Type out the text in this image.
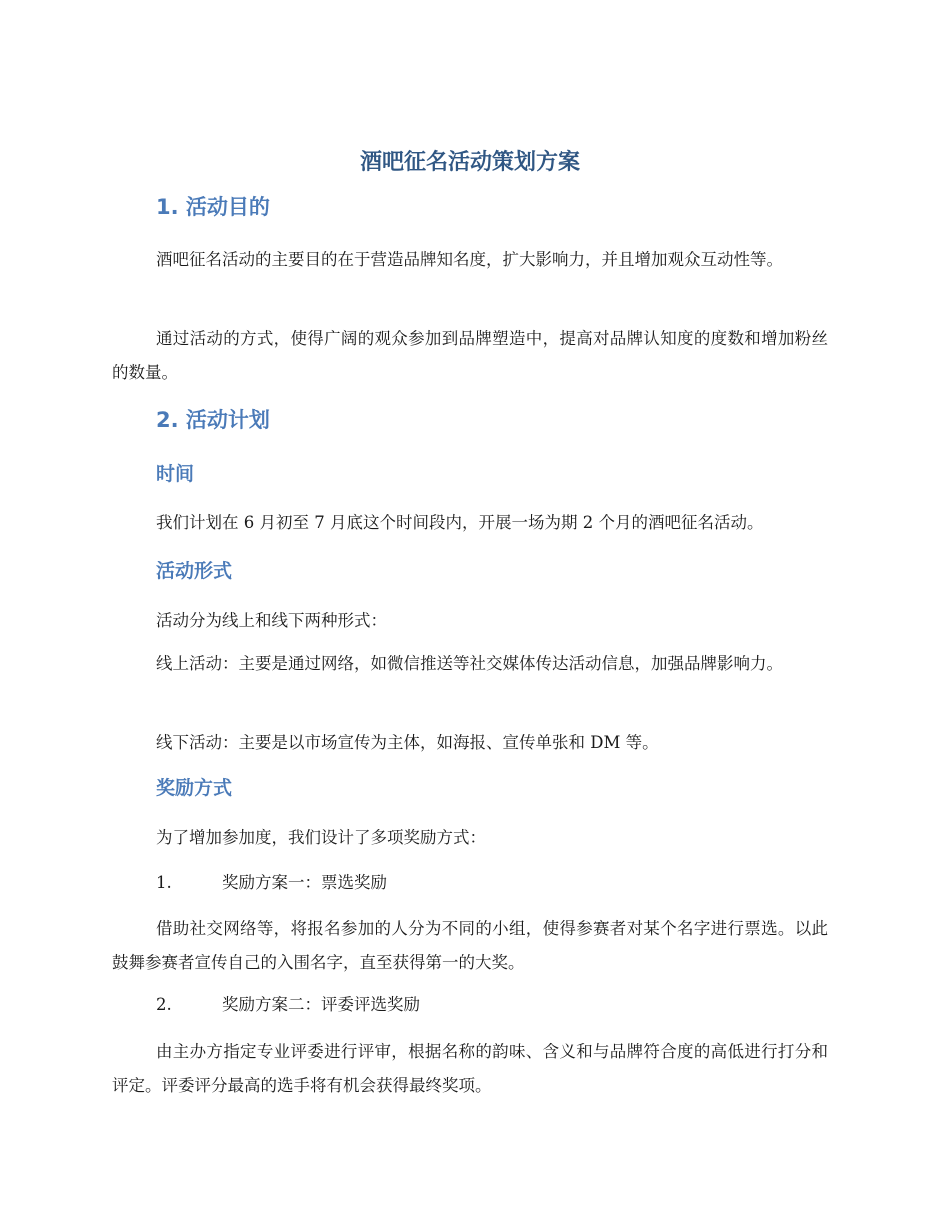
酒吧征名活动策划方案
1. 活动目的
酒吧征名活动的主要目的在于营造品牌知名度，扩大影响力，并且增加观众互动性等。
通过活动的方式，使得广阔的观众参加到品牌塑造中，提高对品牌认知度的度数和增加粉丝的数量。
2. 活动计划
时间
我们计划在 6 月初至 7 月底这个时间段内，开展一场为期 2 个月的酒吧征名活动。
活动形式
活动分为线上和线下两种形式：
线上活动：主要是通过网络，如微信推送等社交媒体传达活动信息，加强品牌影响力。
线下活动：主要是以市场宣传为主体，如海报、宣传单张和 DM 等。
奖励方式
为了增加参加度，我们设计了多项奖励方式：
1.	奖励方案一：票选奖励
借助社交网络等，将报名参加的人分为不同的小组，使得参赛者对某个名字进行票选。以此鼓舞参赛者宣传自己的入围名字，直至获得第一的大奖。
2.	奖励方案二：评委评选奖励
由主办方指定专业评委进行评审，根据名称的韵味、含义和与品牌符合度的高低进行打分和评定。评委评分最高的选手将有机会获得最终奖项。
